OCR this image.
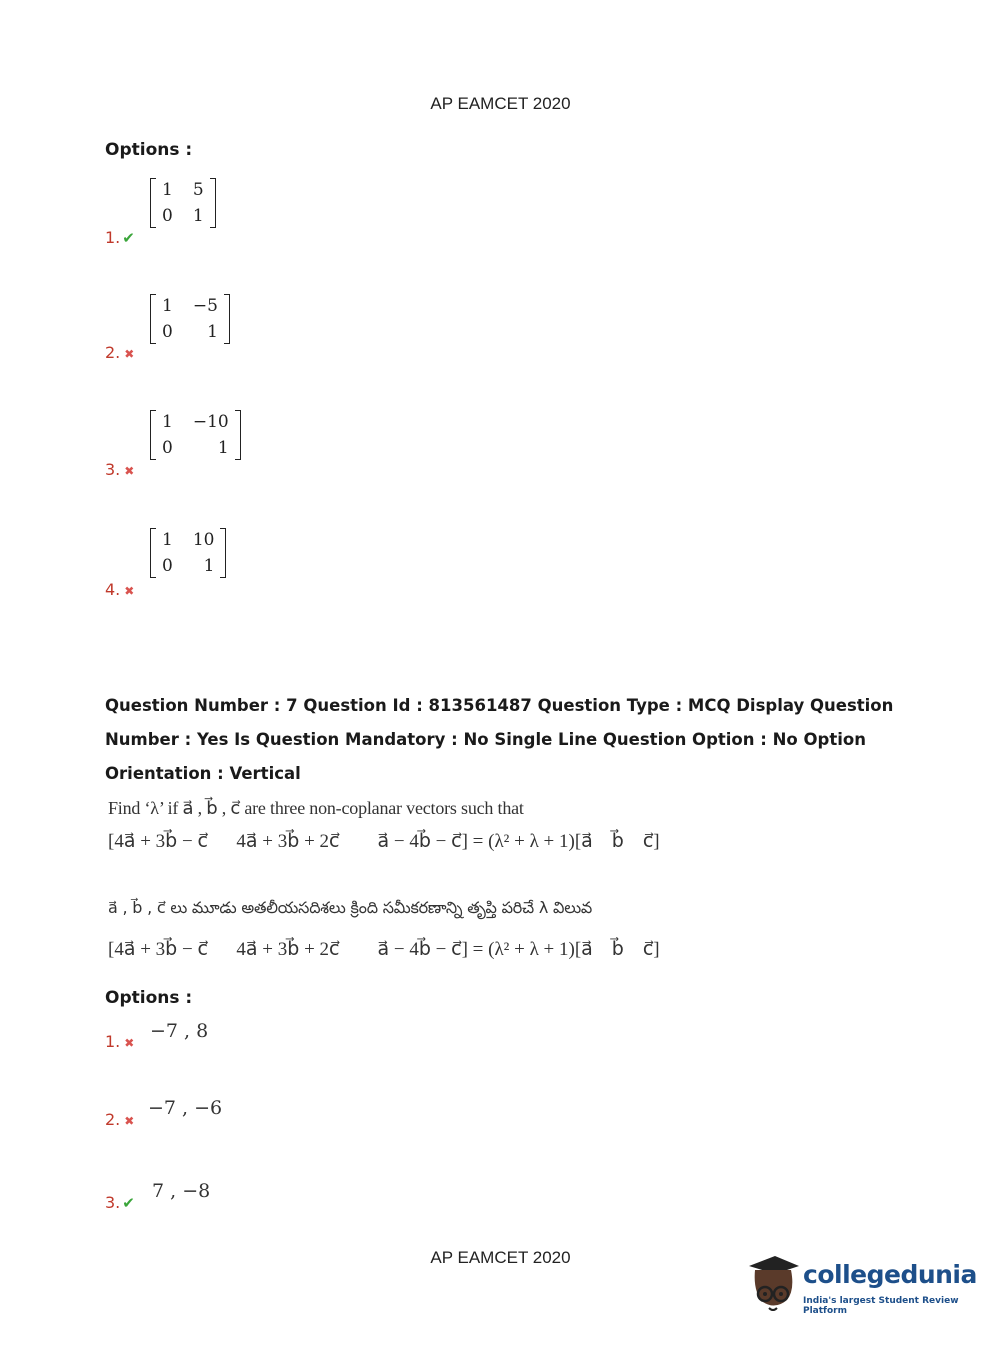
AP EAMCET 2020
Options :
1. ✔
1 5
0 1
2. ✖
1 −5
0	1
3. ✖
1 −10
0	1
4. ✖
1 10
0	1
Question Number : 7 Question Id : 813561487 Question Type : MCQ Display Question Number : Yes Is Question Mandatory : No Single Line Question Option : No Option Orientation : Vertical
Find ‘λ’ if a⃗ , b⃗ , c⃗ are three non-coplanar vectors such that
[4a⃗ + 3b⃗ − c⃗      4a⃗ + 3b⃗ + 2c⃗        a⃗ − 4b⃗ − c⃗] = (λ² + λ + 1)[a⃗    b⃗    c⃗]
a⃗ , b⃗ , c⃗ లు మూడు అతలీయసదిశలు క్రింది సమీకరణాన్ని తృప్తి పరిచే λ విలువ
[4a⃗ + 3b⃗ − c⃗      4a⃗ + 3b⃗ + 2c⃗        a⃗ − 4b⃗ − c⃗] = (λ² + λ + 1)[a⃗    b⃗    c⃗]
Options :
1. ✖
−7 , 8
2. ✖
−7 , −6
3. ✔
7 , −8
AP EAMCET 2020
collegedunia
India's largest Student Review Platform
